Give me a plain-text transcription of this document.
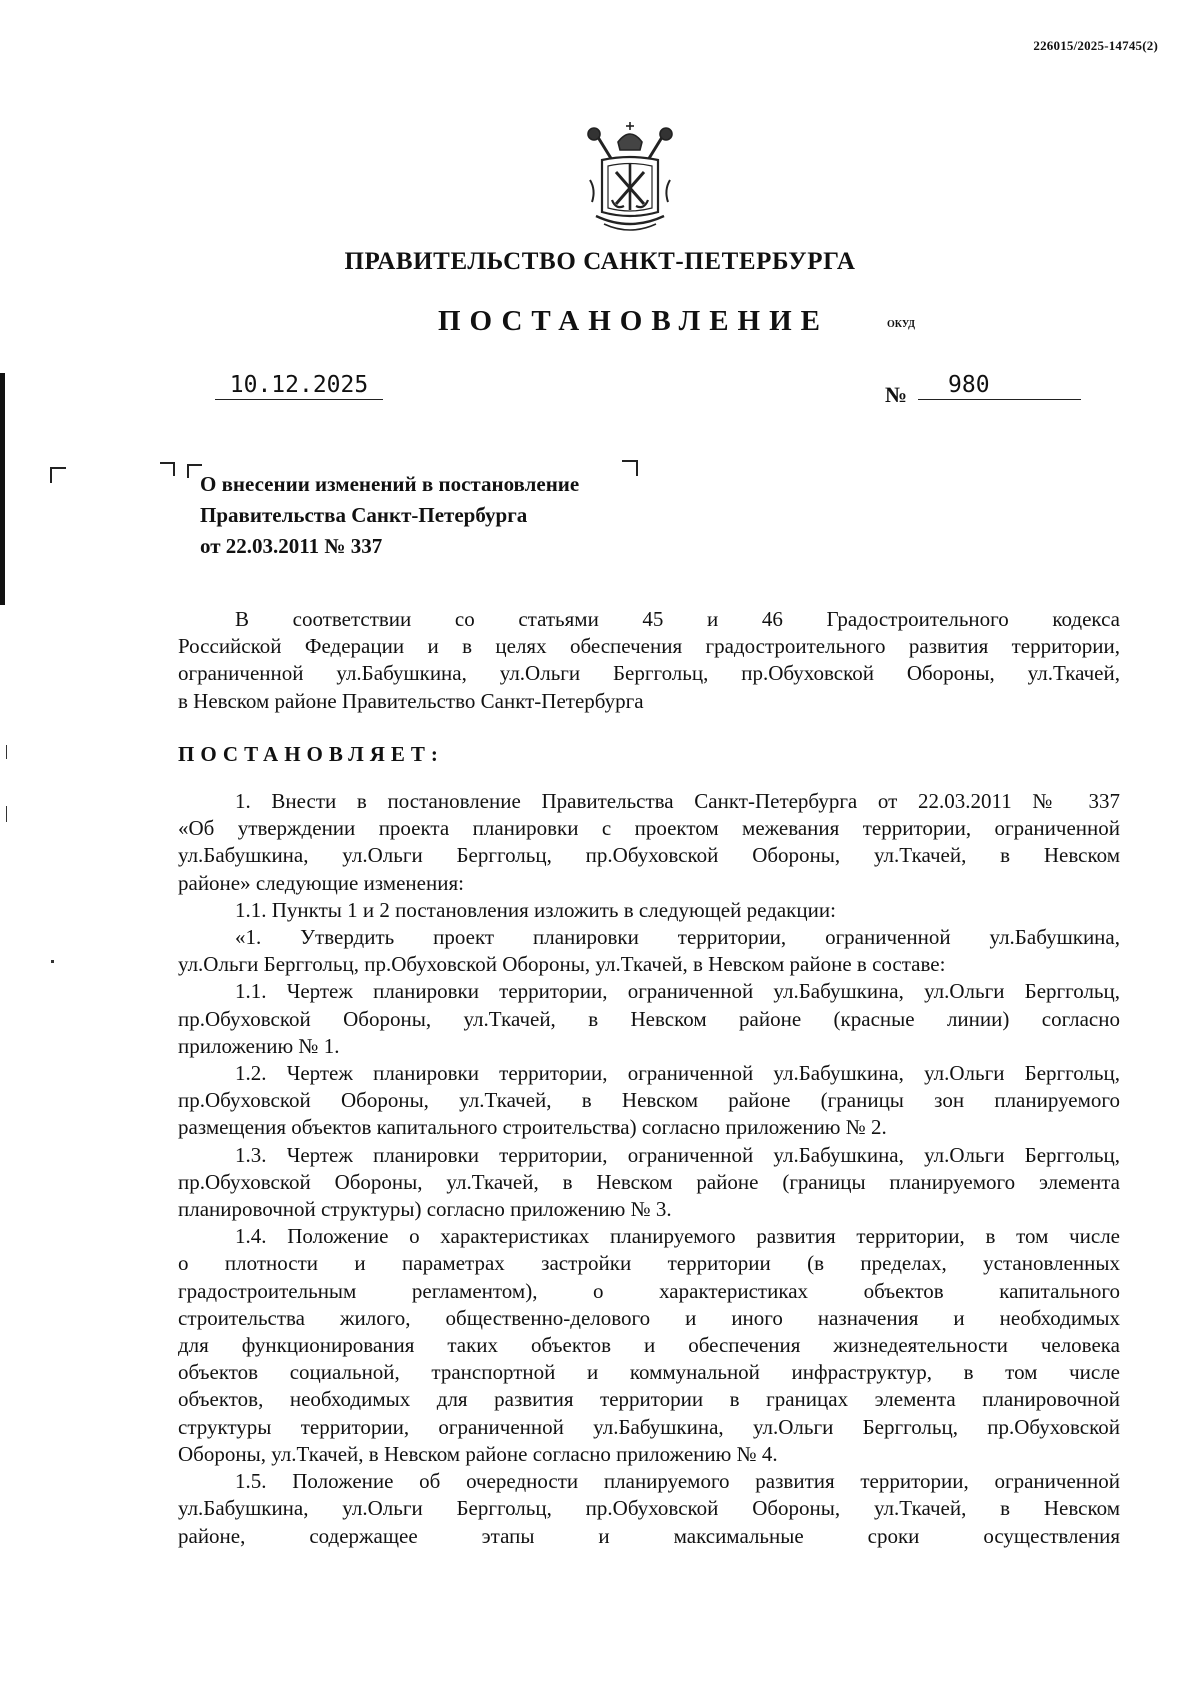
226015/2025-14745(2)
ПРАВИТЕЛЬСТВО САНКТ-ПЕТЕРБУРГА
ПОСТАНОВЛЕНИЕ	ОКУД
10.12.2025	№	980
О внесении изменений в постановление
Правительства Санкт-Петербурга
от 22.03.2011 № 337

В соответствии со статьями 45 и 46 Градостроительного кодекса

Российской Федерации и в целях обеспечения градостроительного развития территории,

ограниченной ул.Бабушкина, ул.Ольги Берггольц, пр.Обуховской Обороны, ул.Ткачей,

в Невском районе Правительство Санкт-Петербурга

ПОСТАНОВЛЯЕТ:

1. Внести в постановление Правительства Санкт-Петербурга от 22.03.2011 № 337

«Об утверждении проекта планировки с проектом межевания территории, ограниченной

ул.Бабушкина, ул.Ольги Берггольц, пр.Обуховской Обороны, ул.Ткачей, в Невском

районе» следующие изменения:

1.1. Пункты 1 и 2 постановления изложить в следующей редакции:

«1. Утвердить проект планировки территории, ограниченной ул.Бабушкина,

ул.Ольги Берггольц, пр.Обуховской Обороны, ул.Ткачей, в Невском районе в составе:

1.1. Чертеж планировки территории, ограниченной ул.Бабушкина, ул.Ольги Берггольц,

пр.Обуховской Обороны, ул.Ткачей, в Невском районе (красные линии) согласно

приложению № 1.

1.2. Чертеж планировки территории, ограниченной ул.Бабушкина, ул.Ольги Берггольц,

пр.Обуховской Обороны, ул.Ткачей, в Невском районе (границы зон планируемого

размещения объектов капитального строительства) согласно приложению № 2.

1.3. Чертеж планировки территории, ограниченной ул.Бабушкина, ул.Ольги Берггольц,

пр.Обуховской Обороны, ул.Ткачей, в Невском районе (границы планируемого элемента

планировочной структуры) согласно приложению № 3.

1.4. Положение о характеристиках планируемого развития территории, в том числе

о плотности и параметрах застройки территории (в пределах, установленных

градостроительным регламентом), о характеристиках объектов капитального

строительства жилого, общественно-делового и иного назначения и необходимых

для функционирования таких объектов и обеспечения жизнедеятельности человека

объектов социальной, транспортной и коммунальной инфраструктур, в том числе

объектов, необходимых для развития территории в границах элемента планировочной

структуры территории, ограниченной ул.Бабушкина, ул.Ольги Берггольц, пр.Обуховской

Обороны, ул.Ткачей, в Невском районе согласно приложению № 4.

1.5. Положение об очередности планируемого развития территории, ограниченной

ул.Бабушкина, ул.Ольги Берггольц, пр.Обуховской Обороны, ул.Ткачей, в Невском

районе, содержащее этапы и максимальные сроки осуществления
